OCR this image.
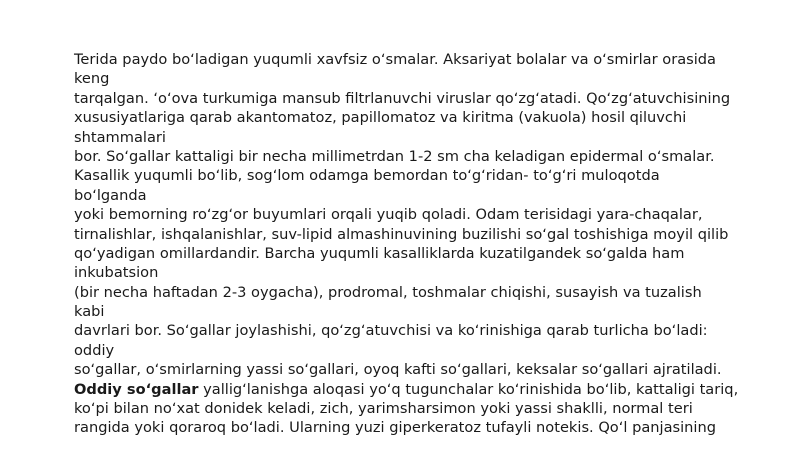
Terida paydo boʻladigan yuqumli xavfsiz oʻsmalar. Aksariyat bolalar va oʻsmirlar orasida
keng
tarqalgan. ʻoʻova turkumiga mansub filtrlanuvchi viruslar qoʻzgʻatadi. Qoʻzgʻatuvchisining
xususiyatlariga qarab akantomatoz, papillomatoz va kiritma (vakuola) hosil qiluvchi
shtammalari
bor. Soʻgallar kattaligi bir necha millimetrdan 1-2 sm cha keladigan epidermal oʻsmalar.
Kasallik yuqumli boʻlib, sogʻlom odamga bemordan toʻgʻridan- toʻgʻri muloqotda
boʻlganda
yoki bemorning roʻzgʻor buyumlari orqali yuqib qoladi. Odam terisidagi yara-chaqalar,
tirnalishlar, ishqalanishlar, suv-lipid almashinuvining buzilishi soʻgal toshishiga moyil qilib
qoʻyadigan omillardandir. Barcha yuqumli kasalliklarda kuzatilgandek soʻgalda ham
inkubatsion
(bir necha haftadan 2-3 oygacha), prodromal, toshmalar chiqishi, susayish va tuzalish
kabi
davrlari bor. Soʻgallar joylashishi, qoʻzgʻatuvchisi va koʻrinishiga qarab turlicha boʻladi:
oddiy
soʻgallar, oʻsmirlarning yassi soʻgallari, oyoq kafti soʻgallari, keksalar soʻgallari ajratiladi.
Oddiy soʻgallar yalligʻlanishga aloqasi yoʻq tugunchalar koʻrinishida boʻlib, kattaligi tariq,
koʻpi bilan noʻxat donidek keladi, zich, yarimsharsimon yoki yassi shaklli, normal teri
rangida yoki qoraroq boʻladi. Ularning yuzi giperkeratoz tufayli notekis. Qoʻl panjasining
